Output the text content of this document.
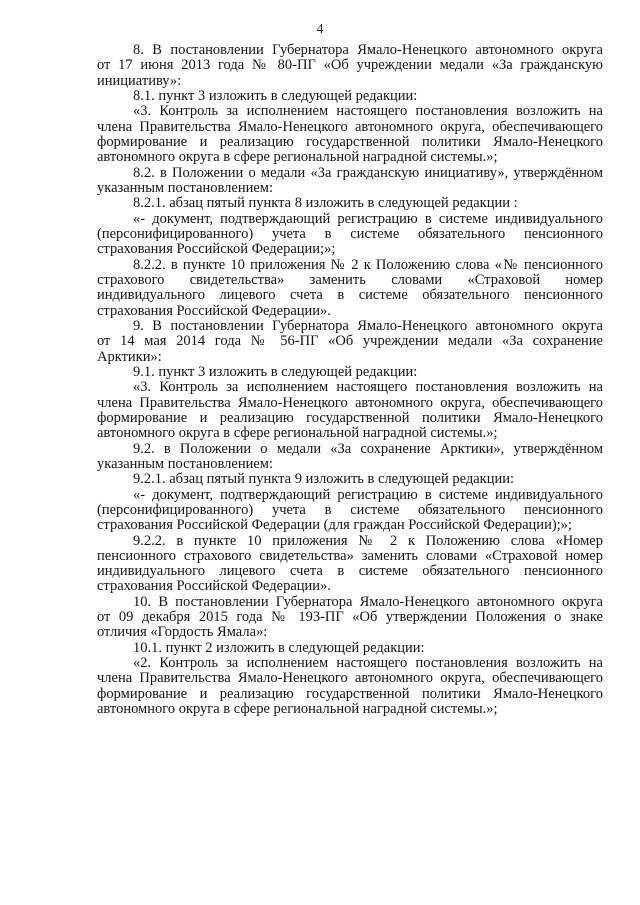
4
8. В постановлении Губернатора Ямало-Ненецкого автономного округа
от 17 июня 2013 года № 80-ПГ «Об учреждении медали «За гражданскую
инициативу»:
8.1. пункт 3 изложить в следующей редакции:
«3. Контроль за исполнением настоящего постановления возложить на
члена Правительства Ямало-Ненецкого автономного округа, обеспечивающего
формирование и реализацию государственной политики Ямало-Ненецкого
автономного округа в сфере региональной наградной системы.»;
8.2. в Положении о медали «За гражданскую инициативу», утверждённом
указанным постановлением:
8.2.1. абзац пятый пункта 8 изложить в следующей редакции :
«- документ, подтверждающий регистрацию в системе индивидуального
(персонифицированного) учета в системе обязательного пенсионного
страхования Российской Федерации;»;
8.2.2. в пункте 10 приложения № 2 к Положению слова «№ пенсионного
страхового свидетельства» заменить словами «Страховой номер
индивидуального лицевого счета в системе обязательного пенсионного
страхования Российской Федерации».
9. В постановлении Губернатора Ямало-Ненецкого автономного округа
от 14 мая 2014 года № 56-ПГ «Об учреждении медали «За сохранение
Арктики»:
9.1. пункт 3 изложить в следующей редакции:
«3. Контроль за исполнением настоящего постановления возложить на
члена Правительства Ямало-Ненецкого автономного округа, обеспечивающего
формирование и реализацию государственной политики Ямало-Ненецкого
автономного округа в сфере региональной наградной системы.»;
9.2. в Положении о медали «За сохранение Арктики», утверждённом
указанным постановлением:
9.2.1. абзац пятый пункта 9 изложить в следующей редакции:
«- документ, подтверждающий регистрацию в системе индивидуального
(персонифицированного) учета в системе обязательного пенсионного
страхования Российской Федерации (для граждан Российской Федерации);»;
9.2.2. в пункте 10 приложения № 2 к Положению слова «Номер
пенсионного страхового свидетельства» заменить словами «Страховой номер
индивидуального лицевого счета в системе обязательного пенсионного
страхования Российской Федерации».
10. В постановлении Губернатора Ямало-Ненецкого автономного округа
от 09 декабря 2015 года № 193-ПГ «Об утверждении Положения о знаке
отличия «Гордость Ямала»:
10.1. пункт 2 изложить в следующей редакции:
«2. Контроль за исполнением настоящего постановления возложить на
члена Правительства Ямало-Ненецкого автономного округа, обеспечивающего
формирование и реализацию государственной политики Ямало-Ненецкого
автономного округа в сфере региональной наградной системы.»;
